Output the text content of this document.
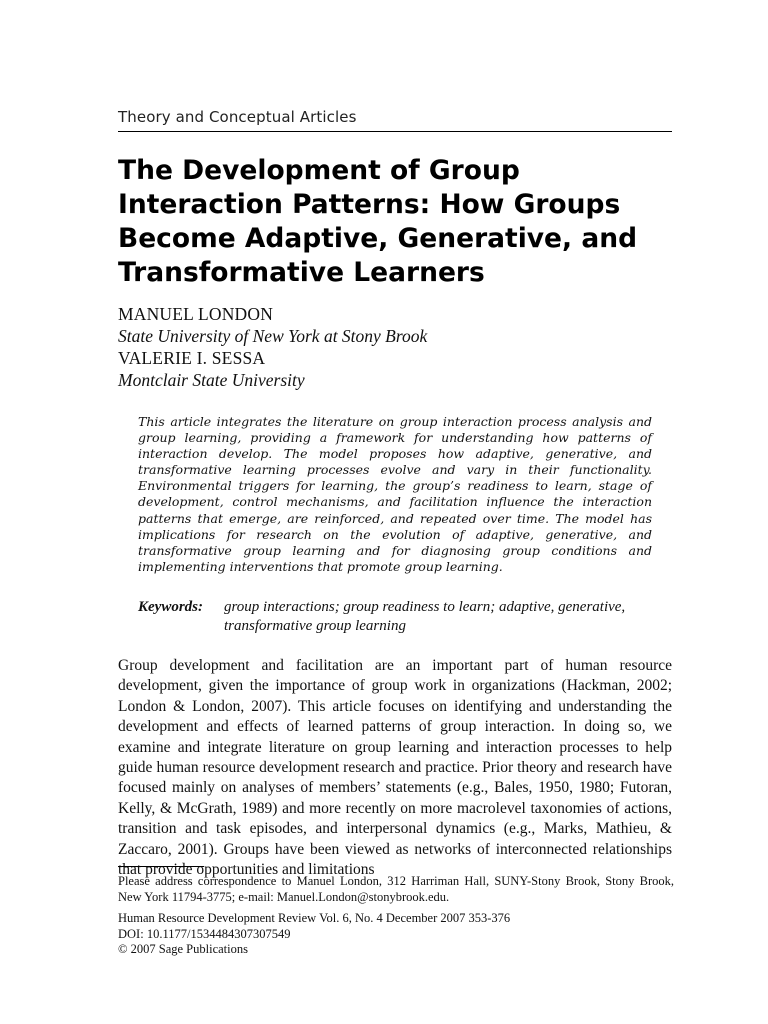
Theory and Conceptual Articles
The Development of Group Interaction Patterns: How Groups Become Adaptive, Generative, and Transformative Learners
MANUEL LONDON
State University of New York at Stony Brook
VALERIE I. SESSA
Montclair State University

This article integrates the literature on group interaction process analysis and group learning, providing a framework for understanding how patterns of interaction develop. The model proposes how adaptive, generative, and transformative learning processes evolve and vary in their functionality. Environmental triggers for learning, the group’s readiness to learn, stage of development, control mechanisms, and facilitation influence the interaction patterns that emerge, are reinforced, and repeated over time. The model has implications for research on the evolution of adaptive, generative, and transformative group learning and for diagnosing group conditions and implementing interventions that promote group learning.

Keywords: group interactions; group readiness to learn; adaptive, generative, transformative group learning

Group development and facilitation are an important part of human resource development, given the importance of group work in organizations (Hackman, 2002; London & London, 2007). This article focuses on identifying and understanding the development and effects of learned patterns of group interaction. In doing so, we examine and integrate literature on group learning and interaction processes to help guide human resource development research and practice. Prior theory and research have focused mainly on analyses of members’ statements (e.g., Bales, 1950, 1980; Futoran, Kelly, & McGrath, 1989) and more recently on more macrolevel taxonomies of actions, transition and task episodes, and interpersonal dynamics (e.g., Marks, Mathieu, & Zaccaro, 2001). Groups have been viewed as networks of interconnected relationships that provide opportunities and limitations

Please address correspondence to Manuel London, 312 Harriman Hall, SUNY-Stony Brook, Stony Brook, New York 11794-3775; e-mail: Manuel.London@stonybrook.edu.

Human Resource Development Review Vol. 6, No. 4 December 2007 353-376
DOI: 10.1177/1534484307307549
© 2007 Sage Publications
